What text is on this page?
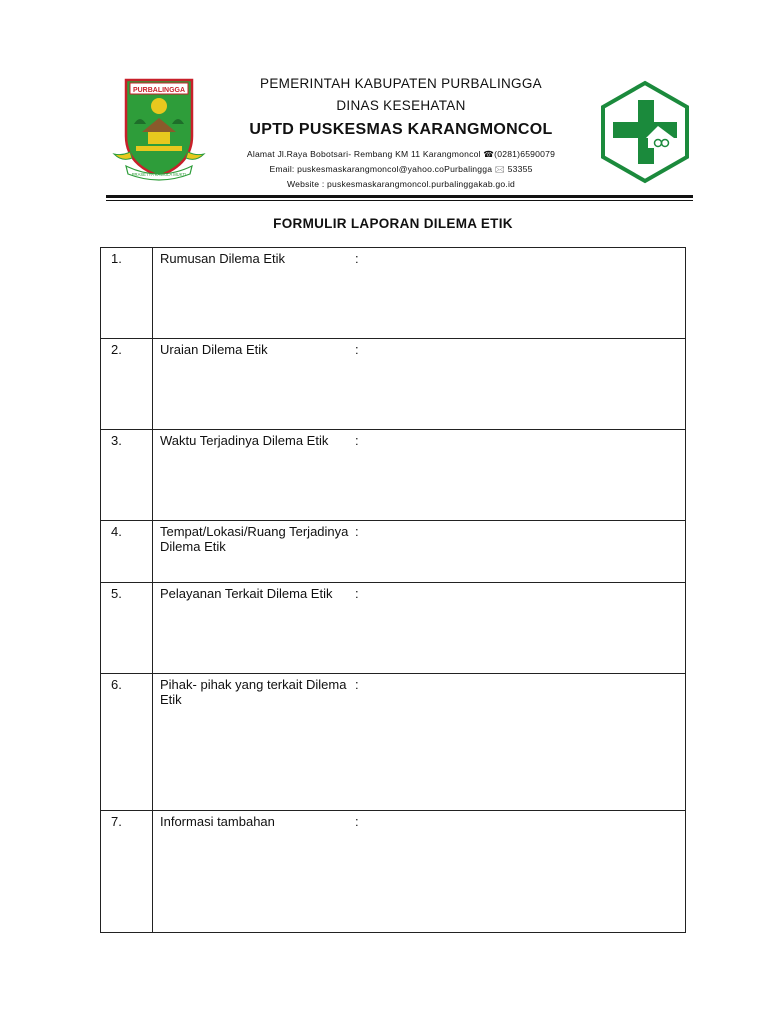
PURBALINGGA
PRASETYA KAWULA MUKTI
PEMERINTAH KABUPATEN PURBALINGGA
DINAS KESEHATAN
UPTD PUSKESMAS KARANGMONCOL
Alamat Jl.Raya Bobotsari- Rembang KM 11 Karangmoncol ☎(0281)6590079
Email: puskesmaskarangmoncol@yahoo.coPurbalingga 🖂 53355
Website : puskesmaskarangmoncol.purbalinggakab.go.id
FORMULIR LAPORAN DILEMA ETIK
1.	Rumusan Dilema Etik :
2.	Uraian Dilema Etik :
3.	Waktu Terjadinya Dilema Etik :
4.	Tempat/Lokasi/Ruang Terjadinya Dilema Etik:
5.	Pelayanan Terkait Dilema Etik :
6.	Pihak- pihak yang terkait Dilema Etik:
7.	Informasi tambahan :
